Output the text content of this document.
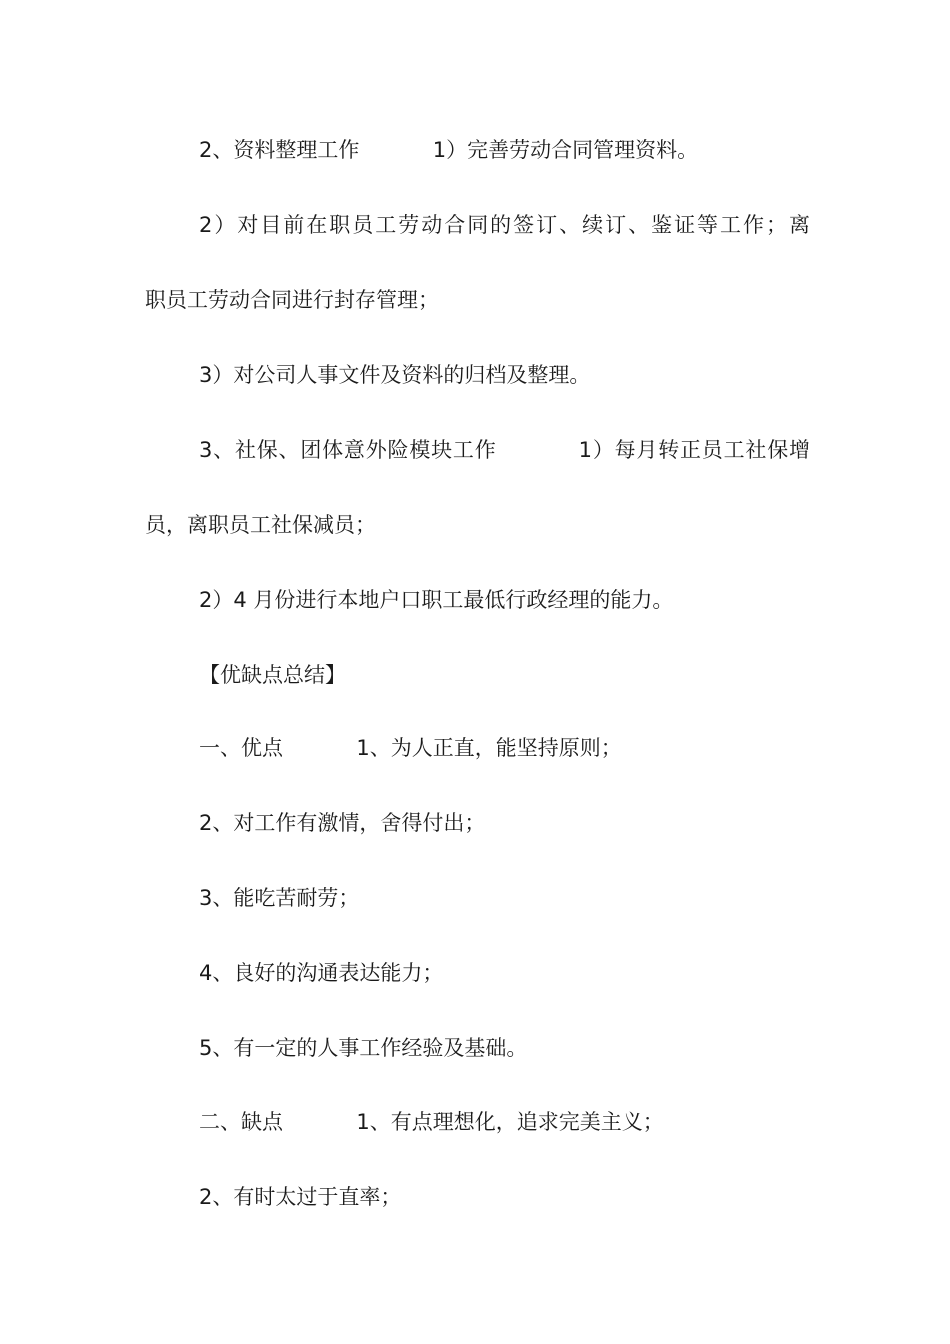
2、资料整理工作           1）完善劳动合同管理资料。

2）对目前在职员工劳动合同的签订、续订、鉴证等工作；离

职员工劳动合同进行封存管理；

3）对公司人事文件及资料的归档及整理。

3、社保、团体意外险模块工作           1）每月转正员工社保增

员，离职员工社保减员；

2）4 月份进行本地户口职工最低行政经理的能力。

【优缺点总结】

一、优点           1、为人正直，能坚持原则；

2、对工作有激情，舍得付出；

3、能吃苦耐劳；

4、良好的沟通表达能力；

5、有一定的人事工作经验及基础。

二、缺点           1、有点理想化，追求完美主义；

2、有时太过于直率；
